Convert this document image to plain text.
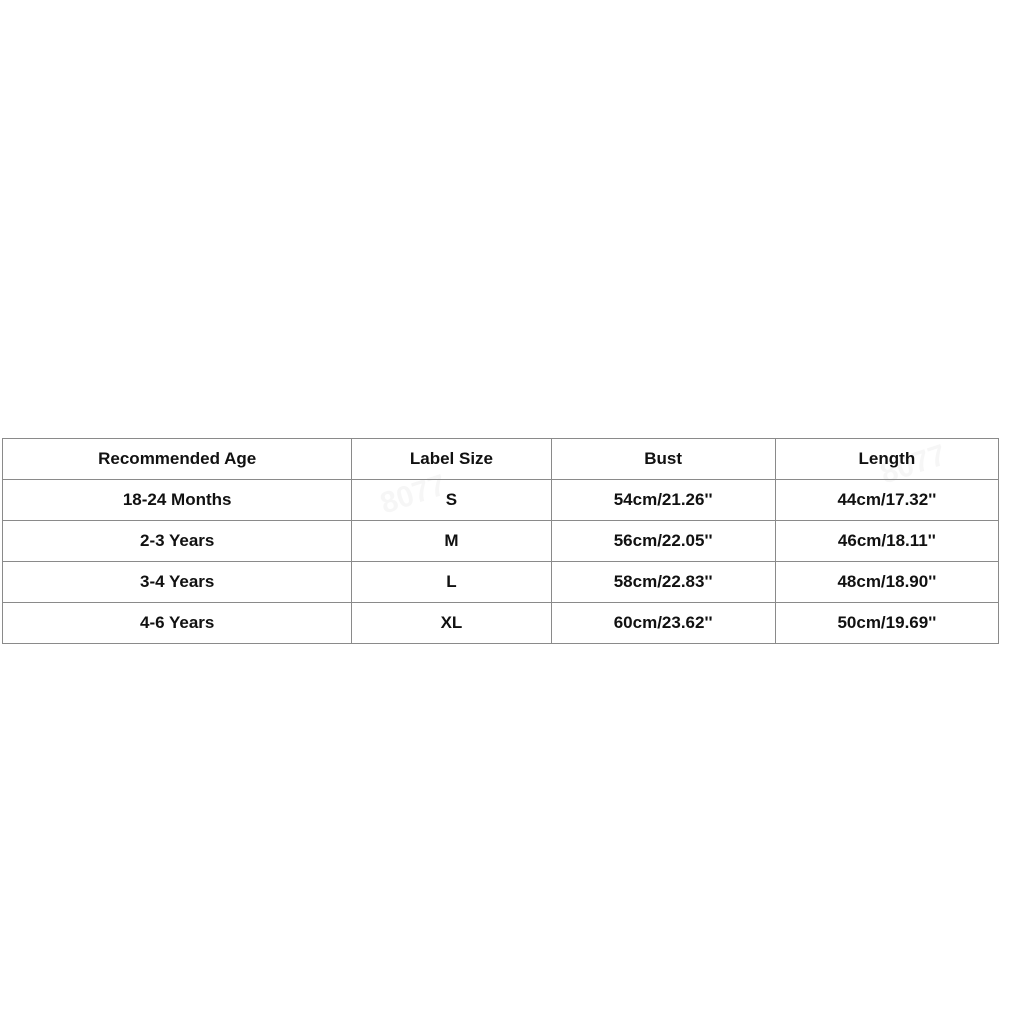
Recommended Age	Label Size	Bust	Length
18-24 Months	S	54cm/21.26''	44cm/17.32''
2-3 Years	M	56cm/22.05''	46cm/18.11''
3-4 Years	L	58cm/22.83''	48cm/18.90''
4-6 Years	XL	60cm/23.62''	50cm/19.69''
